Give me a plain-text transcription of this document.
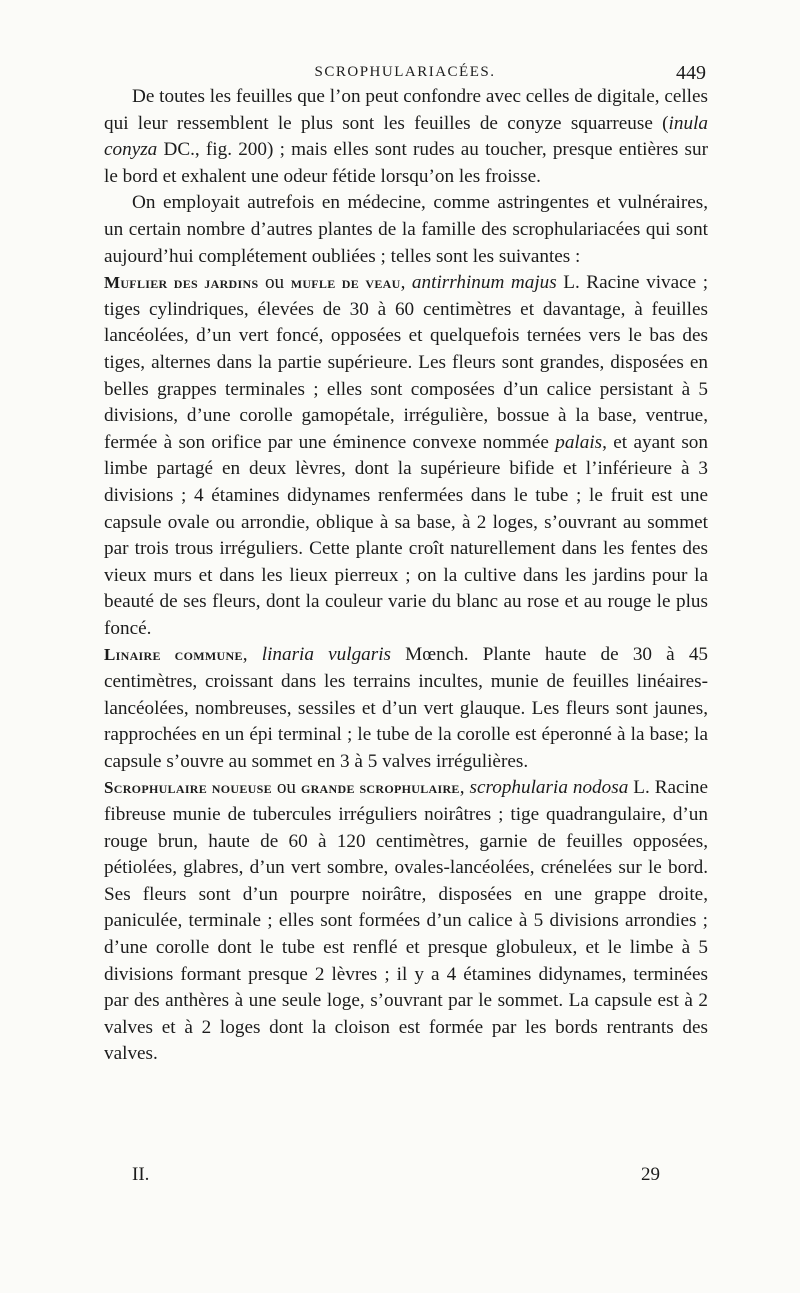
SCROPHULARIACÉES.	449

De toutes les feuilles que l’on peut confondre avec celles de digitale, celles qui leur ressemblent le plus sont les feuilles de conyze squarreuse (inula conyza DC., fig. 200) ; mais elles sont rudes au toucher, presque entières sur le bord et exhalent une odeur fétide lorsqu’on les froisse.

On employait autrefois en médecine, comme astringentes et vulnéraires, un certain nombre d’autres plantes de la famille des scrophulariacées qui sont aujourd’hui complétement oubliées ; telles sont les suivantes :

Muflier des jardins ou mufle de veau, antirrhinum majus L. Racine vivace ; tiges cylindriques, élevées de 30 à 60 centimètres et davantage, à feuilles lancéolées, d’un vert foncé, opposées et quelquefois ternées vers le bas des tiges, alternes dans la partie supérieure. Les fleurs sont grandes, disposées en belles grappes terminales ; elles sont composées d’un calice persistant à 5 divisions, d’une corolle gamopétale, irrégulière, bossue à la base, ventrue, fermée à son orifice par une éminence convexe nommée palais, et ayant son limbe partagé en deux lèvres, dont la supérieure bifide et l’inférieure à 3 divisions ; 4 étamines didynames renfermées dans le tube ; le fruit est une capsule ovale ou arrondie, oblique à sa base, à 2 loges, s’ouvrant au sommet par trois trous irréguliers. Cette plante croît naturellement dans les fentes des vieux murs et dans les lieux pierreux ; on la cultive dans les jardins pour la beauté de ses fleurs, dont la couleur varie du blanc au rose et au rouge le plus foncé.

Linaire commune, linaria vulgaris Mœnch. Plante haute de 30 à 45 centimètres, croissant dans les terrains incultes, munie de feuilles linéaires-lancéolées, nombreuses, sessiles et d’un vert glauque. Les fleurs sont jaunes, rapprochées en un épi terminal ; le tube de la corolle est éperonné à la base; la capsule s’ouvre au sommet en 3 à 5 valves irrégulières.

Scrophulaire noueuse ou grande scrophulaire, scrophularia nodosa L. Racine fibreuse munie de tubercules irréguliers noirâtres ; tige quadrangulaire, d’un rouge brun, haute de 60 à 120 centimètres, garnie de feuilles opposées, pétiolées, glabres, d’un vert sombre, ovales-lancéolées, crénelées sur le bord. Ses fleurs sont d’un pourpre noirâtre, disposées en une grappe droite, paniculée, terminale ; elles sont formées d’un calice à 5 divisions arrondies ; d’une corolle dont le tube est renflé et presque globuleux, et le limbe à 5 divisions formant presque 2 lèvres ; il y a 4 étamines didynames, terminées par des anthères à une seule loge, s’ouvrant par le sommet. La capsule est à 2 valves et à 2 loges dont la cloison est formée par les bords rentrants des valves.

II.	29
